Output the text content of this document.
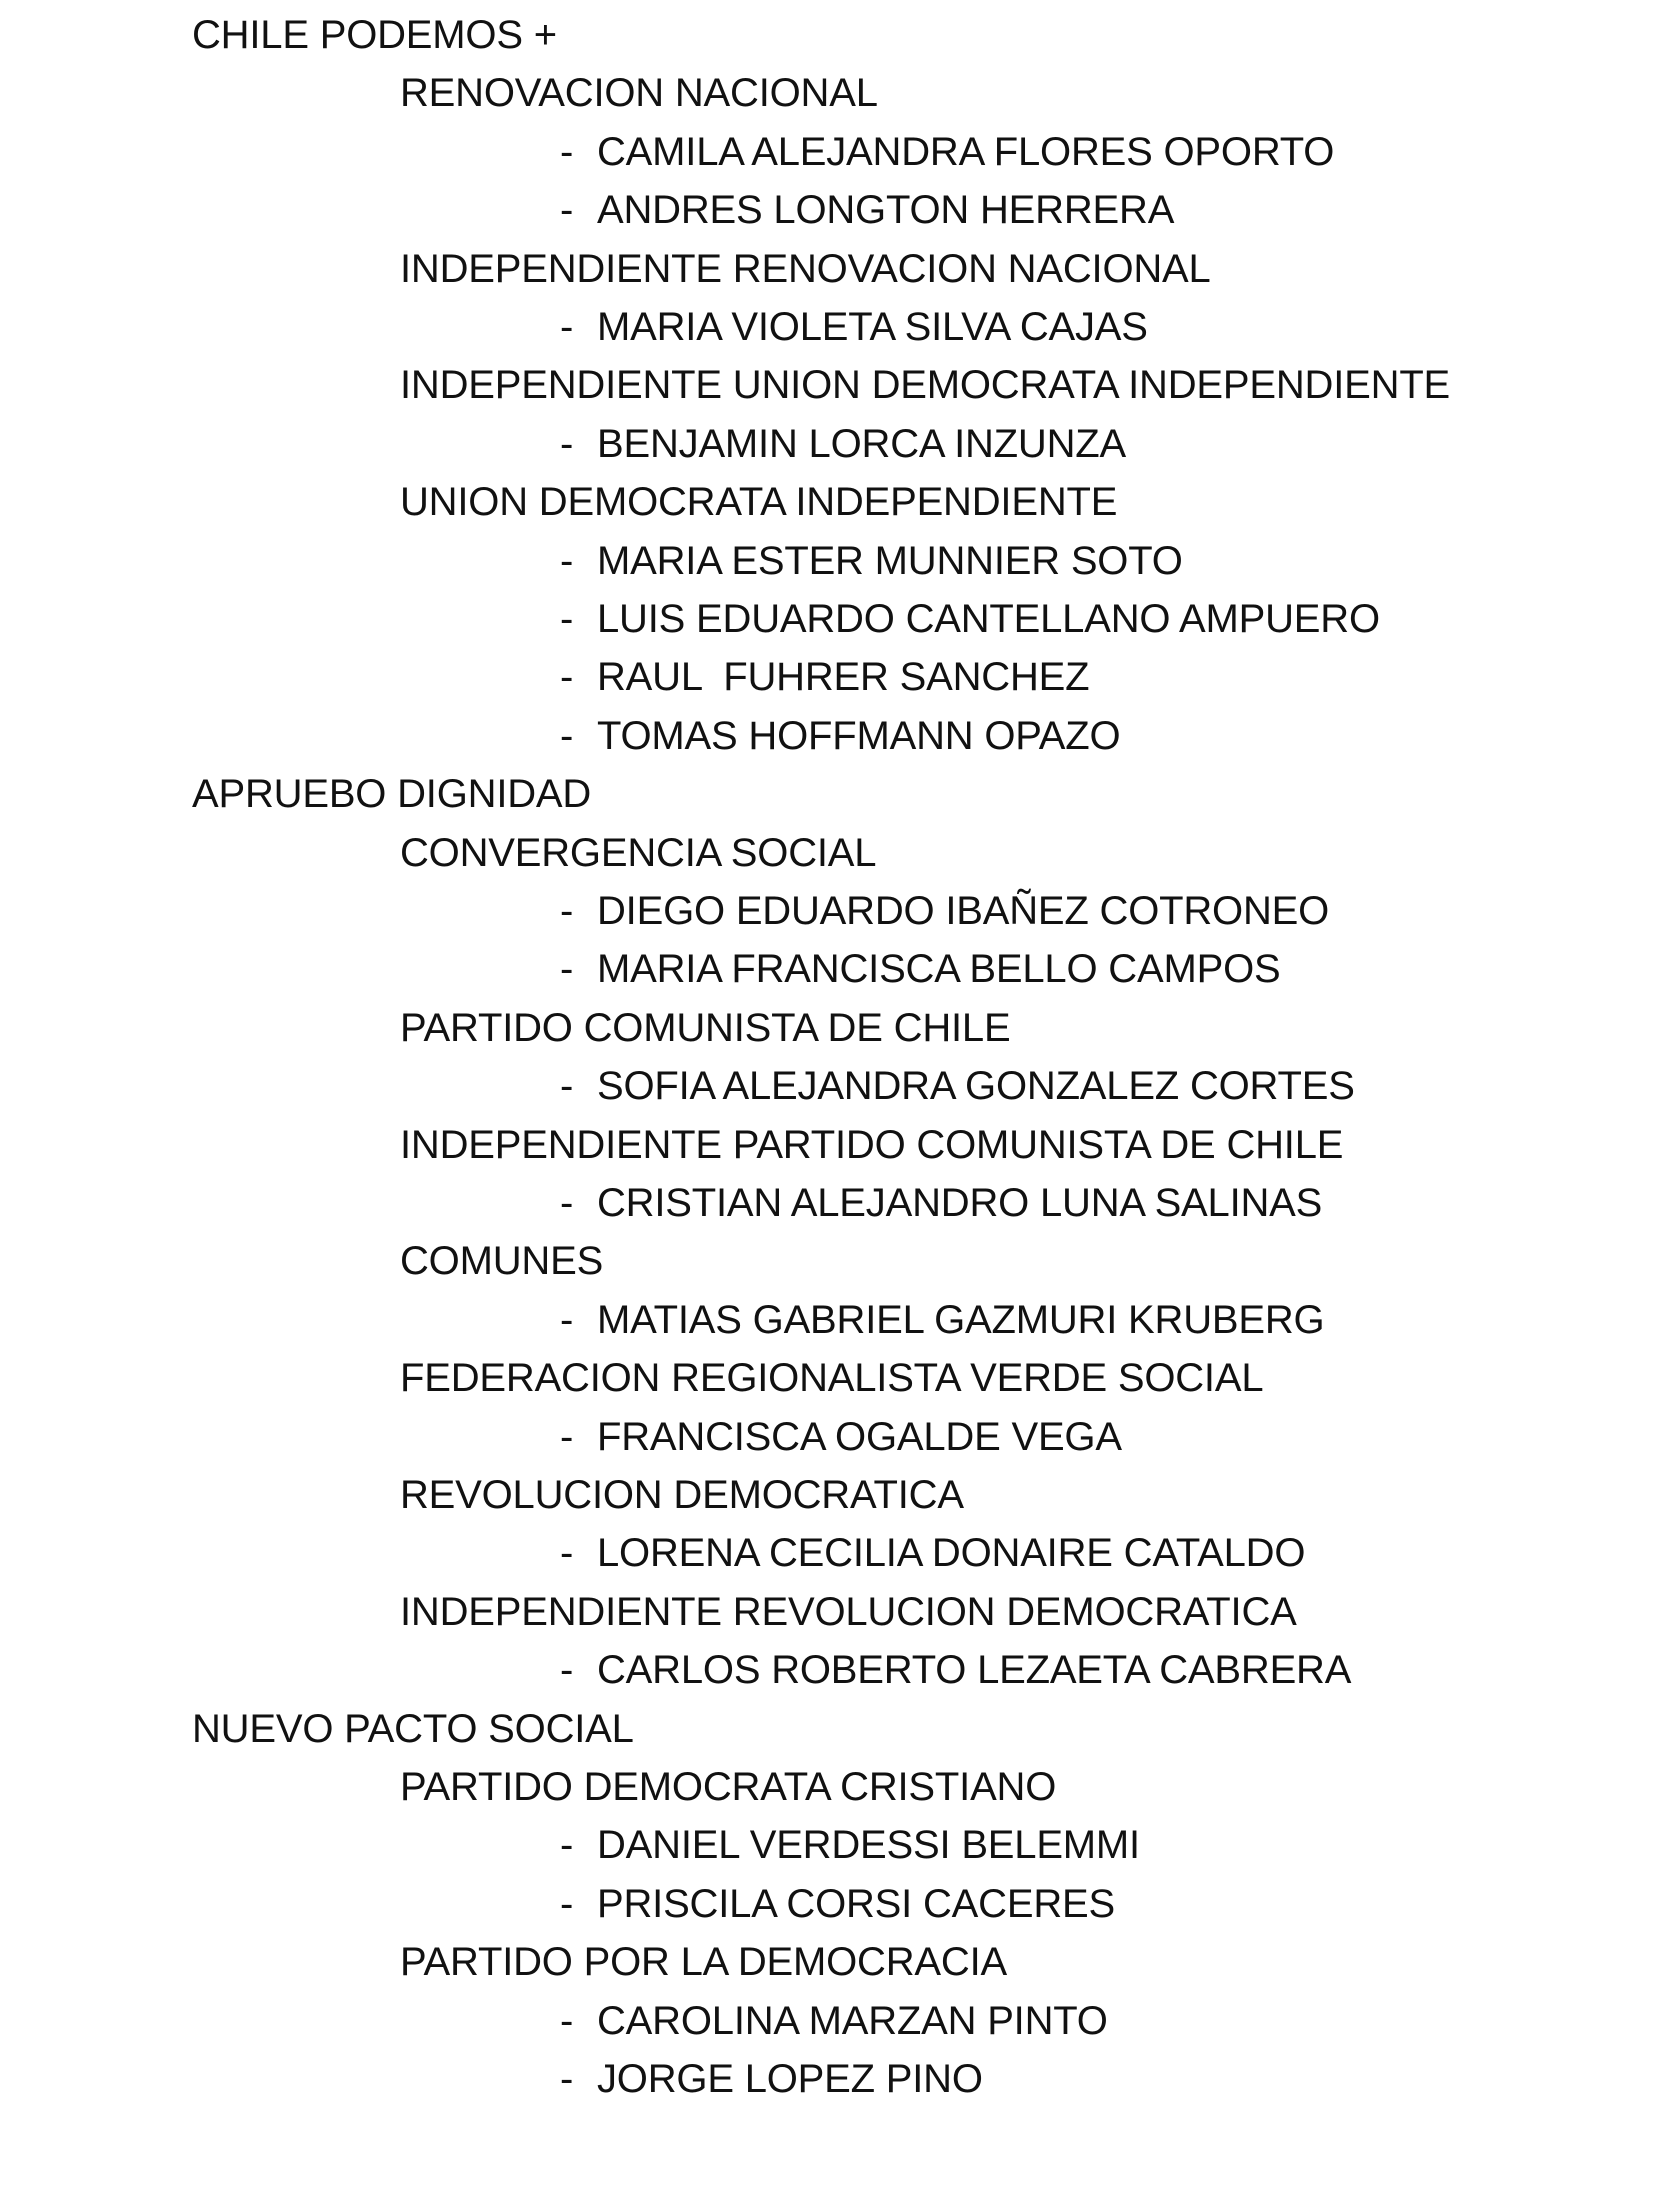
CHILE PODEMOS +
RENOVACION NACIONAL
- CAMILA ALEJANDRA FLORES OPORTO
- ANDRES LONGTON HERRERA
INDEPENDIENTE RENOVACION NACIONAL
- MARIA VIOLETA SILVA CAJAS
INDEPENDIENTE UNION DEMOCRATA INDEPENDIENTE
- BENJAMIN LORCA INZUNZA
UNION DEMOCRATA INDEPENDIENTE
- MARIA ESTER MUNNIER SOTO
- LUIS EDUARDO CANTELLANO AMPUERO
- RAUL  FUHRER SANCHEZ
- TOMAS HOFFMANN OPAZO
APRUEBO DIGNIDAD
CONVERGENCIA SOCIAL
- DIEGO EDUARDO IBAÑEZ COTRONEO
- MARIA FRANCISCA BELLO CAMPOS
PARTIDO COMUNISTA DE CHILE
- SOFIA ALEJANDRA GONZALEZ CORTES
INDEPENDIENTE PARTIDO COMUNISTA DE CHILE
- CRISTIAN ALEJANDRO LUNA SALINAS
COMUNES
- MATIAS GABRIEL GAZMURI KRUBERG
FEDERACION REGIONALISTA VERDE SOCIAL
- FRANCISCA OGALDE VEGA
REVOLUCION DEMOCRATICA
- LORENA CECILIA DONAIRE CATALDO
INDEPENDIENTE REVOLUCION DEMOCRATICA
- CARLOS ROBERTO LEZAETA CABRERA
NUEVO PACTO SOCIAL
PARTIDO DEMOCRATA CRISTIANO
- DANIEL VERDESSI BELEMMI
- PRISCILA CORSI CACERES
PARTIDO POR LA DEMOCRACIA
- CAROLINA MARZAN PINTO
- JORGE LOPEZ PINO
